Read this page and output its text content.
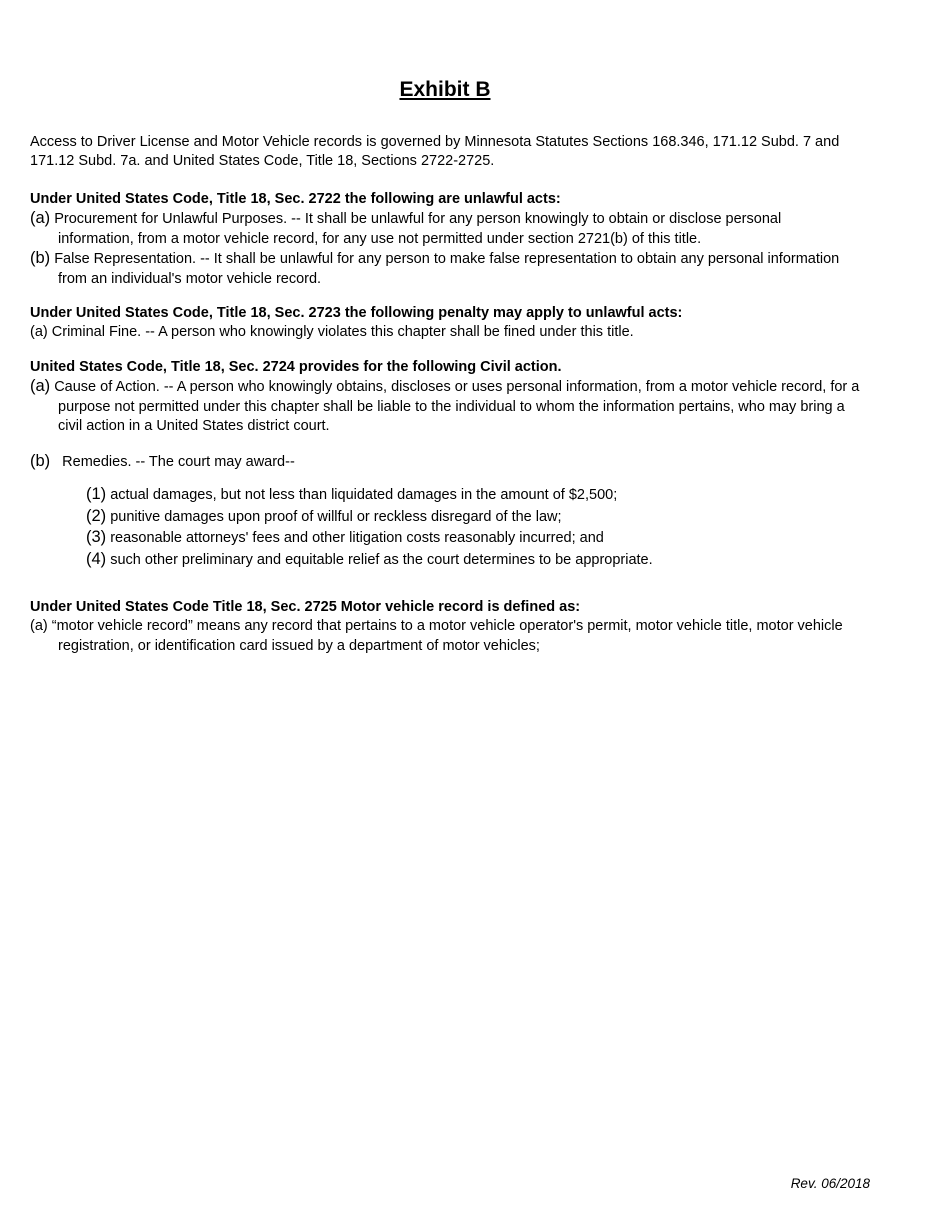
Exhibit B
Access to Driver License and Motor Vehicle records is governed by Minnesota Statutes Sections 168.346, 171.12 Subd. 7 and 171.12 Subd. 7a. and United States Code, Title 18, Sections 2722-2725.
Under United States Code, Title 18, Sec. 2722 the following are unlawful acts:

(a) Procurement for Unlawful Purposes. -- It shall be unlawful for any person knowingly to obtain or disclose personal information, from a motor vehicle record, for any use not permitted under section 2721(b) of this title.

(b) False Representation. -- It shall be unlawful for any person to make false representation to obtain any personal information from an individual's motor vehicle record.

Under United States Code, Title 18, Sec. 2723 the following penalty may apply to unlawful acts:

(a) Criminal Fine. -- A person who knowingly violates this chapter shall be fined under this title.

United States Code, Title 18, Sec. 2724 provides for the following Civil action.

(a) Cause of Action. -- A person who knowingly obtains, discloses or uses personal information, from a motor vehicle record, for a purpose not permitted under this chapter shall be liable to the individual to whom the information pertains, who may bring a civil action in a United States district court.

(b) Remedies. -- The court may award--

(1) actual damages, but not less than liquidated damages in the amount of $2,500;
(2) punitive damages upon proof of willful or reckless disregard of the law;
(3) reasonable attorneys' fees and other litigation costs reasonably incurred; and
(4) such other preliminary and equitable relief as the court determines to be appropriate.
Under United States Code Title 18, Sec. 2725 Motor vehicle record is defined as:

(a) “motor vehicle record” means any record that pertains to a motor vehicle operator's permit, motor vehicle title, motor vehicle registration, or identification card issued by a department of motor vehicles;

Rev. 06/2018
